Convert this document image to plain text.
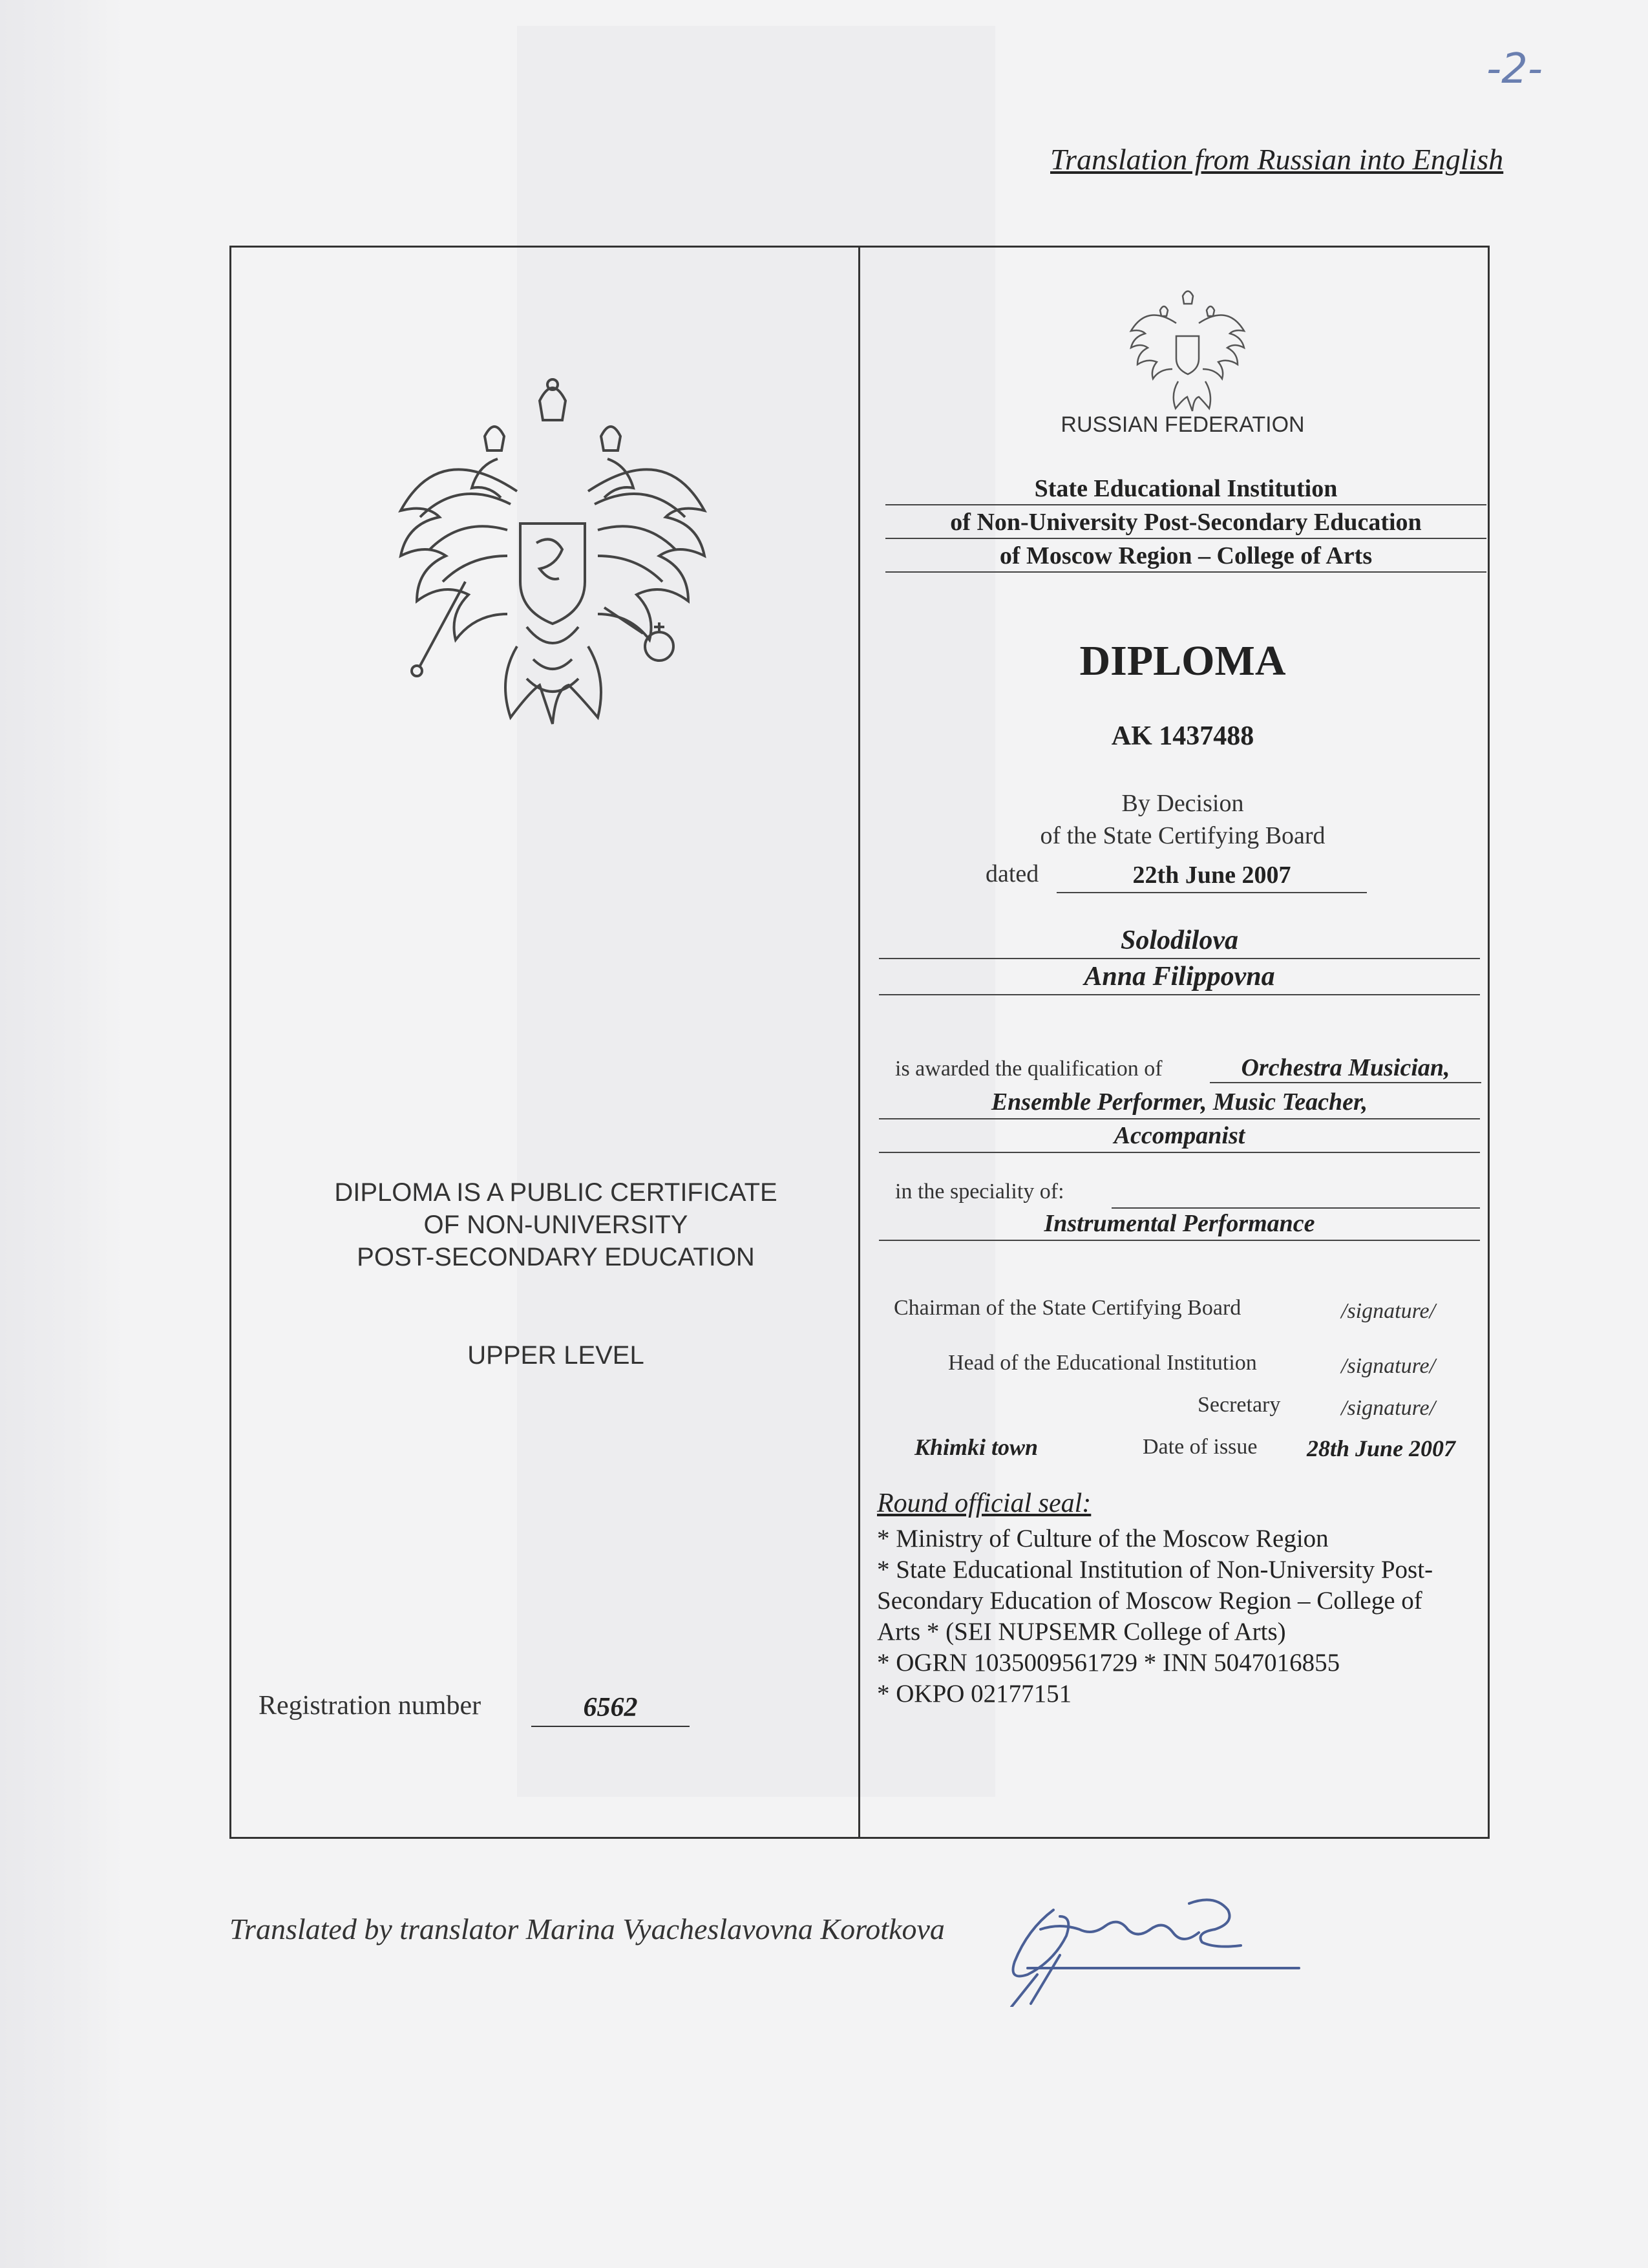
-2-
Translation from Russian into English
DIPLOMA IS A PUBLIC CERTIFICATE
OF NON-UNIVERSITY
POST-SECONDARY EDUCATION
UPPER LEVEL
Registration number	6562
RUSSIAN FEDERATION
State Educational Institution
of Non-University Post-Secondary Education
of Moscow Region – College of Arts
DIPLOMA
AK 1437488
By Decision
of the State Certifying Board
dated	22th June 2007
Solodilova
Anna Filippovna
is awarded the qualification of	Orchestra Musician,
Ensemble Performer, Music Teacher,
Accompanist
in the speciality of:
Instrumental Performance
Chairman of the State Certifying Board	/signature/
Head of the Educational Institution	/signature/
Secretary	/signature/
Khimki town	Date of issue 28th June 2007
Round official seal:
* Ministry of Culture of the Moscow Region
* State Educational Institution of Non-University Post-
Secondary Education of Moscow Region – College of
Arts * (SEI NUPSEMR College of Arts)
* OGRN 1035009561729 * INN 5047016855
* OKPO 02177151
Translated by translator Marina Vyacheslavovna Korotkova
